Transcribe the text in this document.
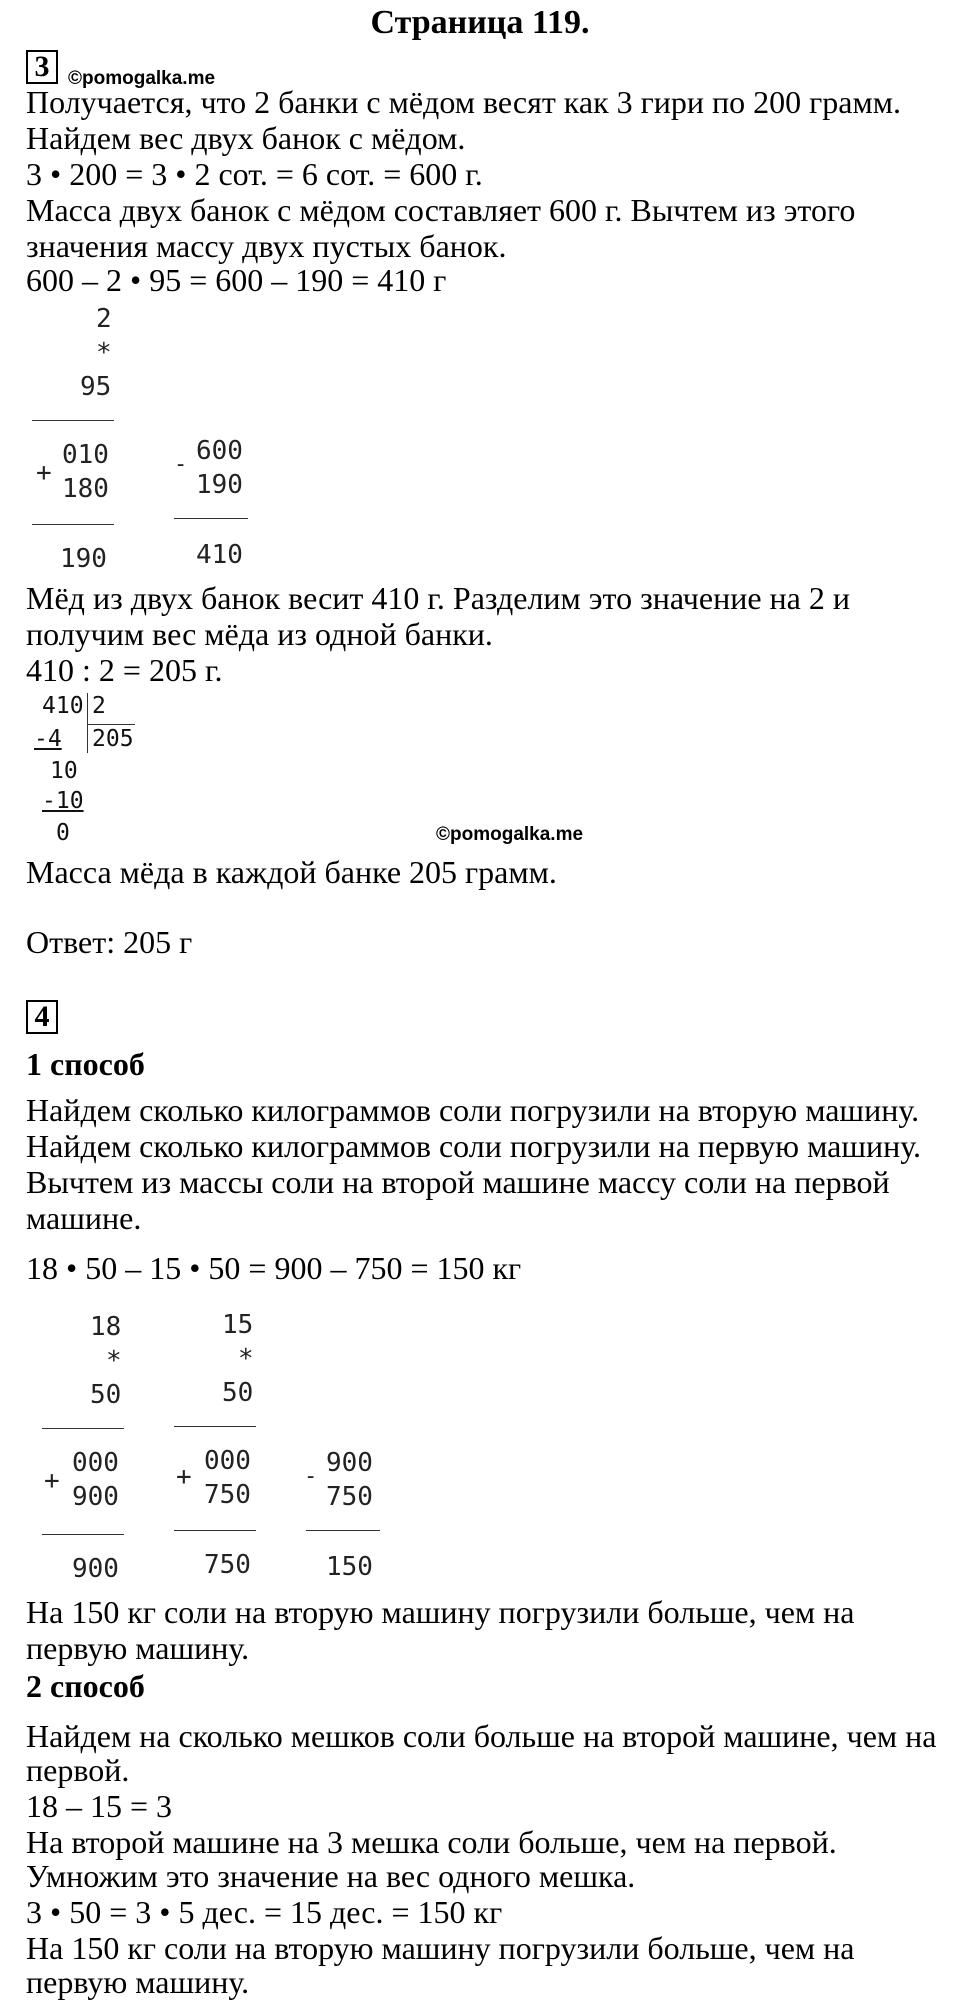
Страница 119.
3 ©pomogalka.me
Получается, что 2 банки с мёдом весят как 3 гири по 200 грамм.
Найдем вес двух банок с мёдом.
3 • 200 = 3 • 2 сот. = 6 сот. = 600 г.
Масса двух банок с мёдом составляет 600 г. Вычтем из этого
значения массу двух пустых банок.
600 – 2 • 95 = 600 – 190 = 410 г
2
*
95
+
010
180
190
- 600
190
410
Мёд из двух банок весит 410 г. Разделим это значение на 2 и
получим вес мёда из одной банки.
410 : 2 = 205 г.
410 2
-4 205
10
-10
0	©pomogalka.me
Масса мёда в каждой банке 205 грамм.
Ответ: 205 г
4
1 способ
Найдем сколько килограммов соли погрузили на вторую машину.
Найдем сколько килограммов соли погрузили на первую машину.
Вычтем из массы соли на второй машине массу соли на первой
машине.
18 • 50 – 15 • 50 = 900 – 750 = 150 кг
18
*
50
+
000
900
900
15
*
50
+
000
750
750
- 900
750
150
На 150 кг соли на вторую машину погрузили больше, чем на
первую машину.
2 способ
Найдем на сколько мешков соли больше на второй машине, чем на
первой.
18 – 15 = 3
На второй машине на 3 мешка соли больше, чем на первой.
Умножим это значение на вес одного мешка.
3 • 50 = 3 • 5 дес. = 15 дес. = 150 кг
На 150 кг соли на вторую машину погрузили больше, чем на
первую машину.
